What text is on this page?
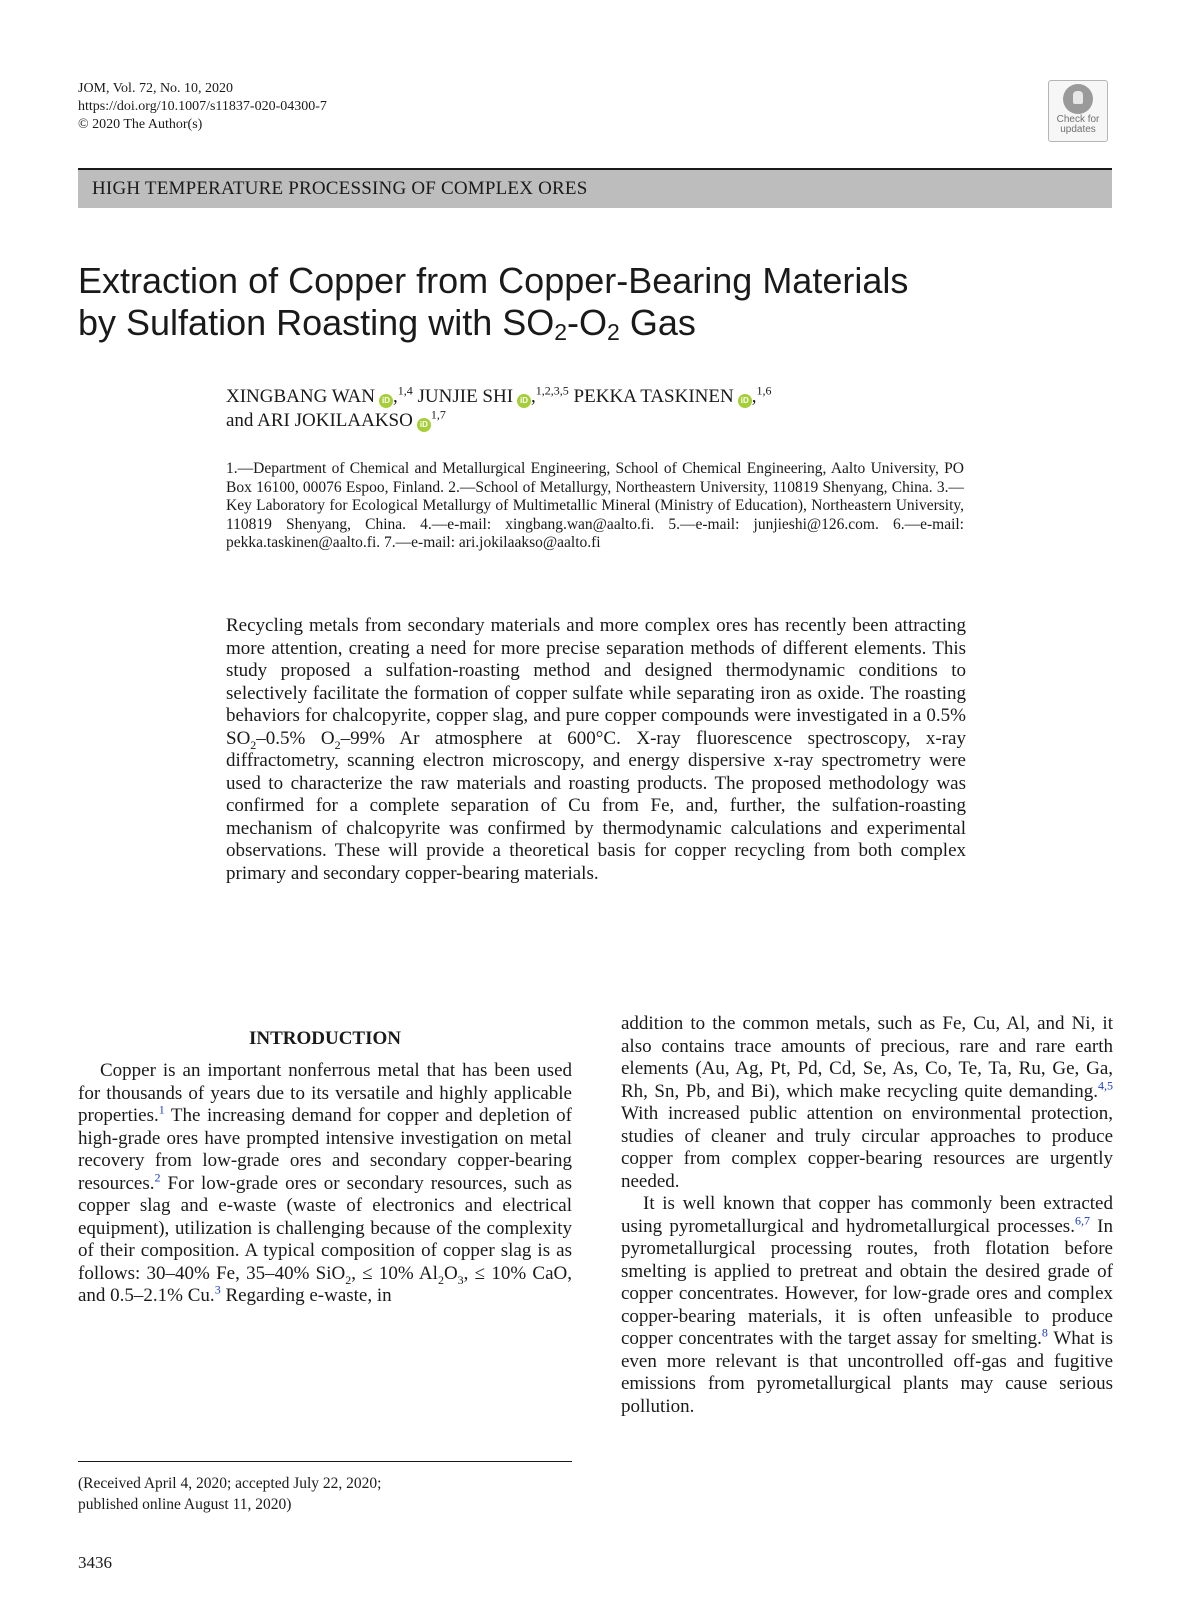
JOM, Vol. 72, No. 10, 2020
https://doi.org/10.1007/s11837-020-04300-7
© 2020 The Author(s)	Check for
updates
HIGH TEMPERATURE PROCESSING OF COMPLEX ORES
Extraction of Copper from Copper-Bearing Materials
by Sulfation Roasting with $SO_2-O_2$ Gas
XINGBANG WAN iD ,$^{1,4}$ JUNJIE SHI iD ,$^{1,2,3,5}$ PEKKA TASKINEN iD ,$^{1,6}$
and ARI JOKILAAKSO iD$^{1,7}$
1.—Department of Chemical and Metallurgical Engineering, School of Chemical Engineering, Aalto University, PO Box 16100, 00076 Espoo, Finland. 2.—School of Metallurgy, Northeastern University, 110819 Shenyang, China. 3.—Key Laboratory for Ecological Metallurgy of Multimetallic Mineral (Ministry of Education), Northeastern University, 110819 Shenyang, China. 4.—e-mail: xingbang.wan@aalto.fi. 5.—e-mail: junjieshi@126.com. 6.—e-mail: pekka.taskinen@aalto.fi. 7.—e-mail: ari.jokilaakso@aalto.fi
Recycling metals from secondary materials and more complex ores has recently been attracting more attention, creating a need for more precise separation methods of different elements. This study proposed a sulfation-roasting method and designed thermodynamic conditions to selectively facilitate the formation of copper sulfate while separating iron as oxide. The roasting behaviors for chalcopyrite, copper slag, and pure copper compounds were investigated in a 0.5% $SO_2-0.5\%$ $O_2-99\%$ Ar atmosphere at 600°C. X-ray fluorescence spectroscopy, x-ray diffractometry, scanning electron microscopy, and energy dispersive x-ray spectrometry were used to characterize the raw materials and roasting products. The proposed methodology was confirmed for a complete separation of Cu from Fe, and, further, the sulfation-roasting mechanism of chalcopyrite was confirmed by thermodynamic calculations and experimental observations. These will provide a theoretical basis for copper recycling from both complex primary and secondary copper-bearing materials.
INTRODUCTION

Copper is an important nonferrous metal that has been used for thousands of years due to its versatile and highly applicable properties.$^1$ The increasing demand for copper and depletion of high-grade ores have prompted intensive investigation on metal recovery from low-grade ores and secondary copper-bearing resources.$^2$ For low-grade ores or secondary resources, such as copper slag and e-waste (waste of electronics and electrical equipment), utilization is challenging because of the complexity of their composition. A typical composition of copper slag is as follows: 30–40% Fe, 35–40% SiO$_2$, ≤ 10% $Al_2O_3$, ≤ 10% CaO, and 0.5–2.1% Cu.$^3$ Regarding e-waste, in

addition to the common metals, such as Fe, Cu, Al, and Ni, it also contains trace amounts of precious, rare and rare earth elements (Au, Ag, Pt, Pd, Cd, Se, As, Co, Te, Ta, Ru, Ge, Ga, Rh, Sn, Pb, and Bi), which make recycling quite demanding.$^{4,5}$ With increased public attention on environmental protection, studies of cleaner and truly circular approaches to produce copper from complex copper-bearing resources are urgently needed.

It is well known that copper has commonly been extracted using pyrometallurgical and hydrometallurgical processes.$^{6,7}$ In pyrometallurgical processing routes, froth flotation before smelting is applied to pretreat and obtain the desired grade of copper concentrates. However, for low-grade ores and complex copper-bearing materials, it is often unfeasible to produce copper concentrates with the target assay for smelting.$^8$ What is even more relevant is that uncontrolled off-gas and fugitive emissions from pyrometallurgical plants may cause serious pollution.

(Received April 4, 2020; accepted July 22, 2020;
published online August 11, 2020)
3436
